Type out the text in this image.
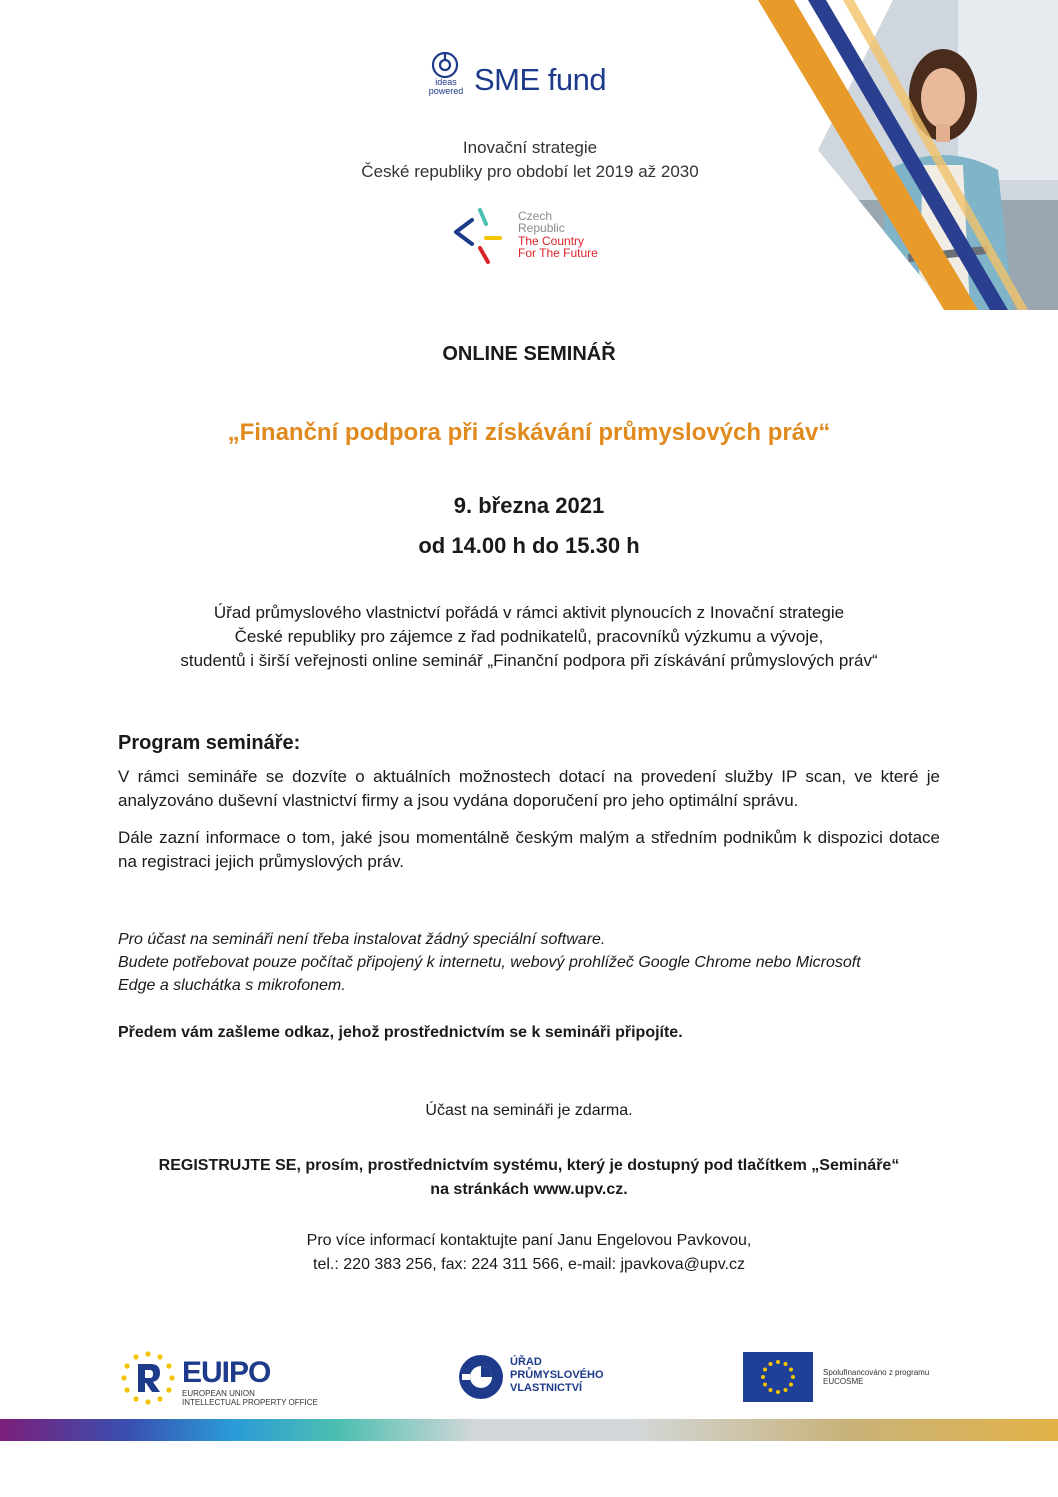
ideas powered SME fund
Inovační strategie
České republiky pro období let 2019 až 2030
Czech
Republic
The Country
For The Future
ONLINE SEMINÁŘ
„Finanční podpora při získávání průmyslových práv“
9. března 2021
od 14.00 h do 15.30 h
Úřad průmyslového vlastnictví pořádá v rámci aktivit plynoucích z Inovační strategie
České republiky pro zájemce z řad podnikatelů, pracovníků výzkumu a vývoje,
studentů i širší veřejnosti online seminář „Finanční podpora při získávání průmyslových práv“
Program semináře:
V rámci semináře se dozvíte o aktuálních možnostech dotací na provedení služby IP scan, ve které je analyzováno duševní vlastnictví firmy a jsou vydána doporučení pro jeho optimální správu.
Dále zazní informace o tom, jaké jsou momentálně českým malým a středním podnikům k dispozici dotace na registraci jejich průmyslových práv.
Pro účast na semináři není třeba instalovat žádný speciální software.
Budete potřebovat pouze počítač připojený k internetu, webový prohlížeč Google Chrome nebo Microsoft
Edge a sluchátka s mikrofonem.
Předem vám zašleme odkaz, jehož prostřednictvím se k semináři připojíte.
Účast na semináři je zdarma.
REGISTRUJTE SE, prosím, prostřednictvím systému, který je dostupný pod tlačítkem „Semináře“
na stránkách www.upv.cz.
Pro více informací kontaktujte paní Janu Engelovou Pavkovou,
tel.: 220 383 256, fax: 224 311 566, e-mail: jpavkova@upv.cz
EUIPO
EUROPEAN UNION
INTELLECTUAL PROPERTY OFFICE
ÚŘAD
PRŮMYSLOVÉHO
VLASTNICTVÍ
Spolufinancováno z programu
EUCOSME
